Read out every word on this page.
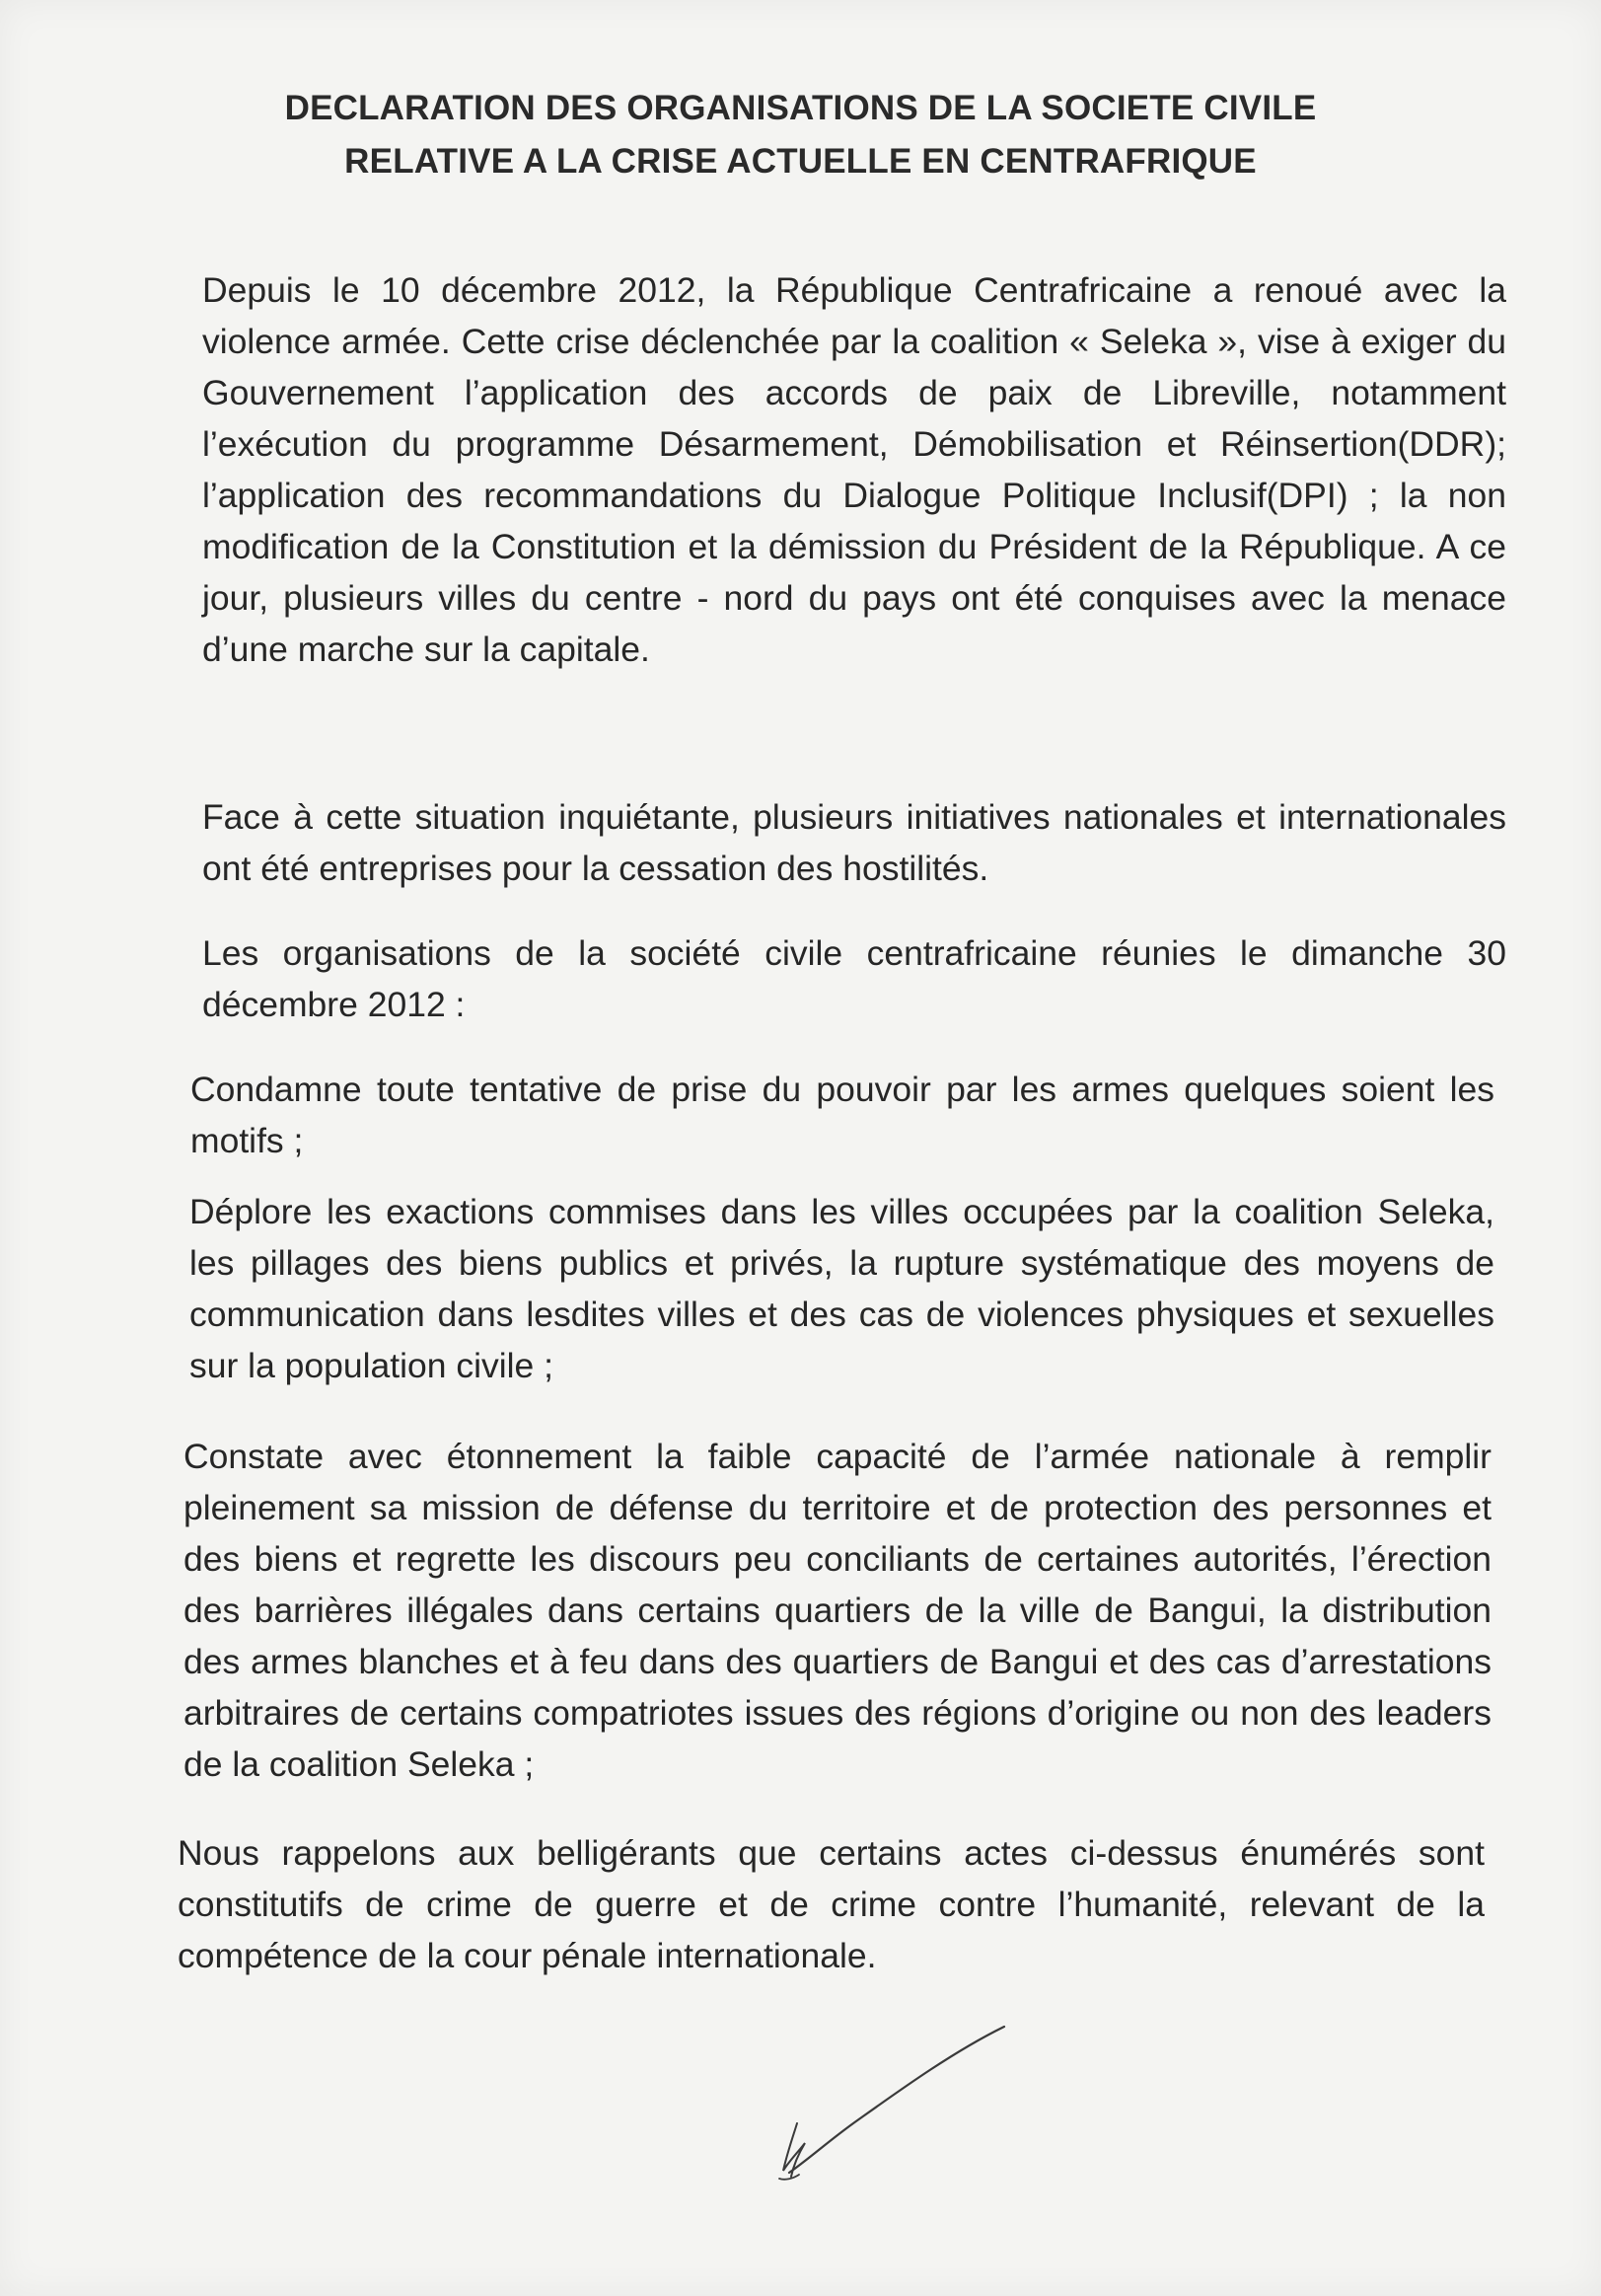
DECLARATION DES ORGANISATIONS DE LA SOCIETE CIVILE
RELATIVE A LA CRISE ACTUELLE EN CENTRAFRIQUE

Depuis le 10 décembre 2012, la République Centrafricaine a renoué avec la violence armée. Cette crise déclenchée par la coalition « Seleka », vise à exiger du Gouvernement l’application des accords de paix de Libreville, notamment l’exécution du programme Désarmement, Démobilisation et Réinsertion(DDR); l’application des recommandations du Dialogue Politique Inclusif(DPI) ; la non modification de la Constitution et la démission du Président de la République. A ce jour, plusieurs villes du centre - nord du pays ont été conquises avec la menace d’une marche sur la capitale.

Face à cette situation inquiétante, plusieurs initiatives nationales et internationales ont été entreprises pour la cessation des hostilités.

Les organisations de la société civile centrafricaine réunies le dimanche 30 décembre 2012 :

Condamne toute tentative de prise du pouvoir par les armes quelques soient les motifs ;

Déplore les exactions commises dans les villes occupées par la coalition Seleka, les pillages des biens publics et privés, la rupture systématique des moyens de communication dans lesdites villes et des cas de violences physiques et sexuelles sur la population civile ;

Constate avec étonnement la faible capacité de l’armée nationale à remplir pleinement sa mission de défense du territoire et de protection des personnes et des biens et regrette les discours peu conciliants de certaines autorités, l’érection des barrières illégales dans certains quartiers de la ville de Bangui, la distribution des armes blanches et à feu dans des quartiers de Bangui et des cas d’arrestations arbitraires de certains compatriotes issues des régions d’origine ou non des leaders de la coalition Seleka ;

Nous rappelons aux belligérants que certains actes ci-dessus énumérés sont constitutifs de crime de guerre et de crime contre l’humanité, relevant de la compétence de la cour pénale internationale.
